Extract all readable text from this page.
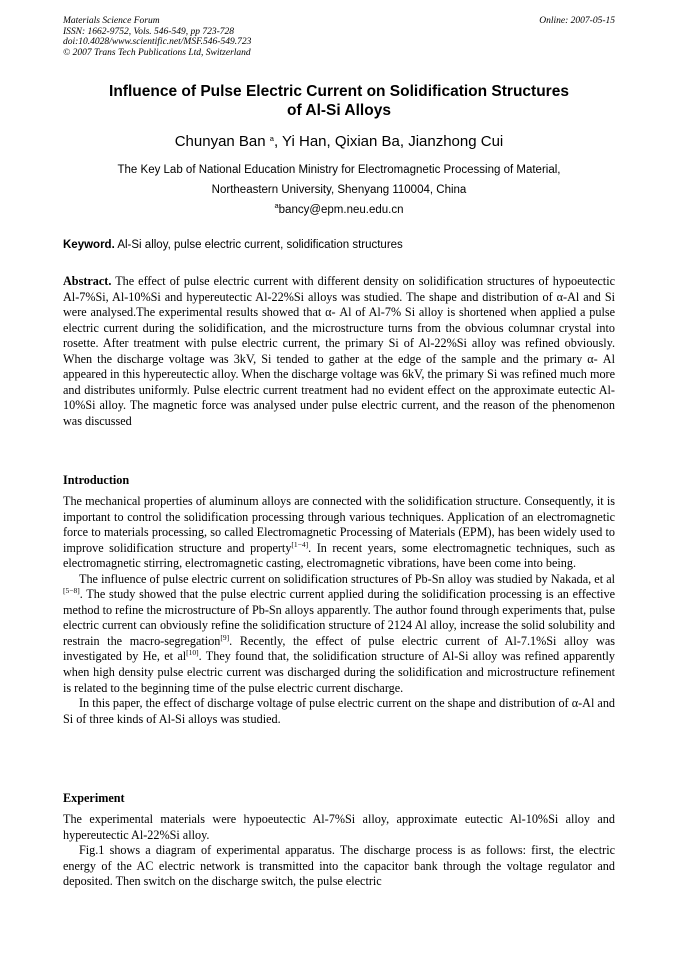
Materials Science Forum
ISSN: 1662-9752, Vols. 546-549, pp 723-728
doi:10.4028/www.scientific.net/MSF.546-549.723
© 2007 Trans Tech Publications Ltd, Switzerland
Online: 2007-05-15
Influence of Pulse Electric Current on Solidification Structures
of Al-Si Alloys
Chunyan Ban $^a$, Yi Han, Qixian Ba, Jianzhong Cui
The Key Lab of National Education Ministry for Electromagnetic Processing of Material,
Northeastern University, Shenyang 110004, China
$^a$bancy@epm.neu.edu.cn
Keyword. Al-Si alloy, pulse electric current, solidification structures

Abstract. The effect of pulse electric current with different density on solidification structures of hypoeutectic Al-7%Si, Al-10%Si and hypereutectic Al-22%Si alloys was studied. The shape and distribution of α-Al and Si were analysed.The experimental results showed that α- Al of Al-7% Si alloy is shortened when applied a pulse electric current during the solidification, and the microstructure turns from the obvious columnar crystal into rosette. After treatment with pulse electric current, the primary Si of Al-22%Si alloy was refined obviously. When the discharge voltage was 3kV, Si tended to gather at the edge of the sample and the primary α- Al appeared in this hypereutectic alloy. When the discharge voltage was 6kV, the primary Si was refined much more and distributes uniformly. Pulse electric current treatment had no evident effect on the approximate eutectic Al-10%Si alloy. The magnetic force was analysed under pulse electric current, and the reason of the phenomenon was discussed

Introduction

The mechanical properties of aluminum alloys are connected with the solidification structure. Consequently, it is important to control the solidification processing through various techniques. Application of an electromagnetic force to materials processing, so called Electromagnetic Processing of Materials (EPM), has been widely used to improve solidification structure and property[1−4]. In recent years, some electromagnetic techniques, such as electromagnetic stirring, electromagnetic casting, electromagnetic vibrations, have been come into being.

The influence of pulse electric current on solidification structures of Pb-Sn alloy was studied by Nakada, et al [5−8]. The study showed that the pulse electric current applied during the solidification processing is an effective method to refine the microstructure of Pb-Sn alloys apparently. The author found through experiments that, pulse electric current can obviously refine the solidification structure of 2124 Al alloy, increase the solid solubility and restrain the macro-segregation[9]. Recently, the effect of pulse electric current of Al-7.1%Si alloy was investigated by He, et al[10]. They found that, the solidification structure of Al-Si alloy was refined apparently when high density pulse electric current was discharged during the solidification and microstructure refinement is related to the beginning time of the pulse electric current discharge.

In this paper, the effect of discharge voltage of pulse electric current on the shape and distribution of α-Al and Si of three kinds of Al-Si alloys was studied.

Experiment

The experimental materials were hypoeutectic Al-7%Si alloy, approximate eutectic Al-10%Si alloy and hypereutectic Al-22%Si alloy.

Fig.1 shows a diagram of experimental apparatus. The discharge process is as follows: first, the electric energy of the AC electric network is transmitted into the capacitor bank through the voltage regulator and deposited. Then switch on the discharge switch, the pulse electric
